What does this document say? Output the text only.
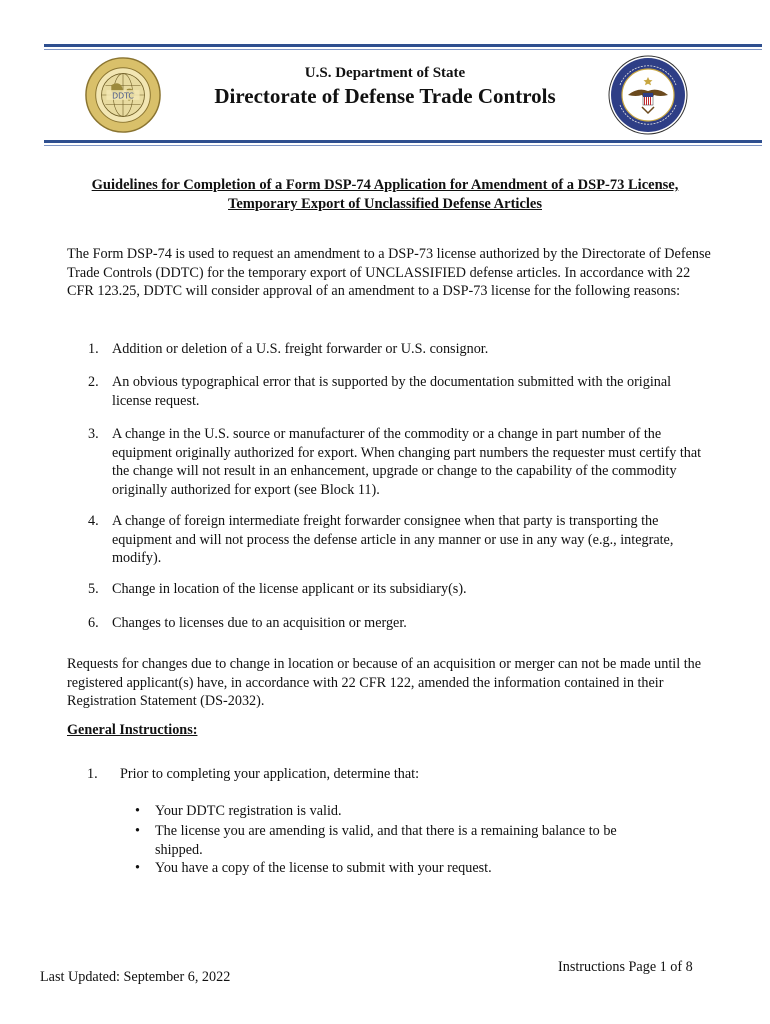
DDTC
U.S. Department of State
Directorate of Defense Trade Controls
Guidelines for Completion of a Form DSP-74 Application for Amendment of a DSP-73 License,
Temporary Export of Unclassified Defense Articles
The Form DSP-74 is used to request an amendment to a DSP-73 license authorized by the Directorate of Defense Trade Controls (DDTC) for the temporary export of UNCLASSIFIED defense articles. In accordance with 22 CFR 123.25, DDTC will consider approval of an amendment to a DSP-73 license for the following reasons:
1. Addition or deletion of a U.S. freight forwarder or U.S. consignor.
2. An obvious typographical error that is supported by the documentation submitted with the original license request.
3. A change in the U.S. source or manufacturer of the commodity or a change in part number of the equipment originally authorized for export. When changing part numbers the requester must certify that the change will not result in an enhancement, upgrade or change to the capability of the commodity originally authorized for export (see Block 11).
4. A change of foreign intermediate freight forwarder consignee when that party is transporting the equipment and will not process the defense article in any manner or use in any way (e.g., integrate, modify).
5. Change in location of the license applicant or its subsidiary(s).
6. Changes to licenses due to an acquisition or merger.
Requests for changes due to change in location or because of an acquisition or merger can not be made until the registered applicant(s) have, in accordance with 22 CFR 122, amended the information contained in their Registration Statement (DS-2032).
General Instructions:
1. Prior to completing your application, determine that:
• Your DDTC registration is valid.
• The license you are amending is valid, and that there is a remaining balance to be shipped.
• You have a copy of the license to submit with your request.
Last Updated: September 6, 2022
Instructions Page 1 of 8
